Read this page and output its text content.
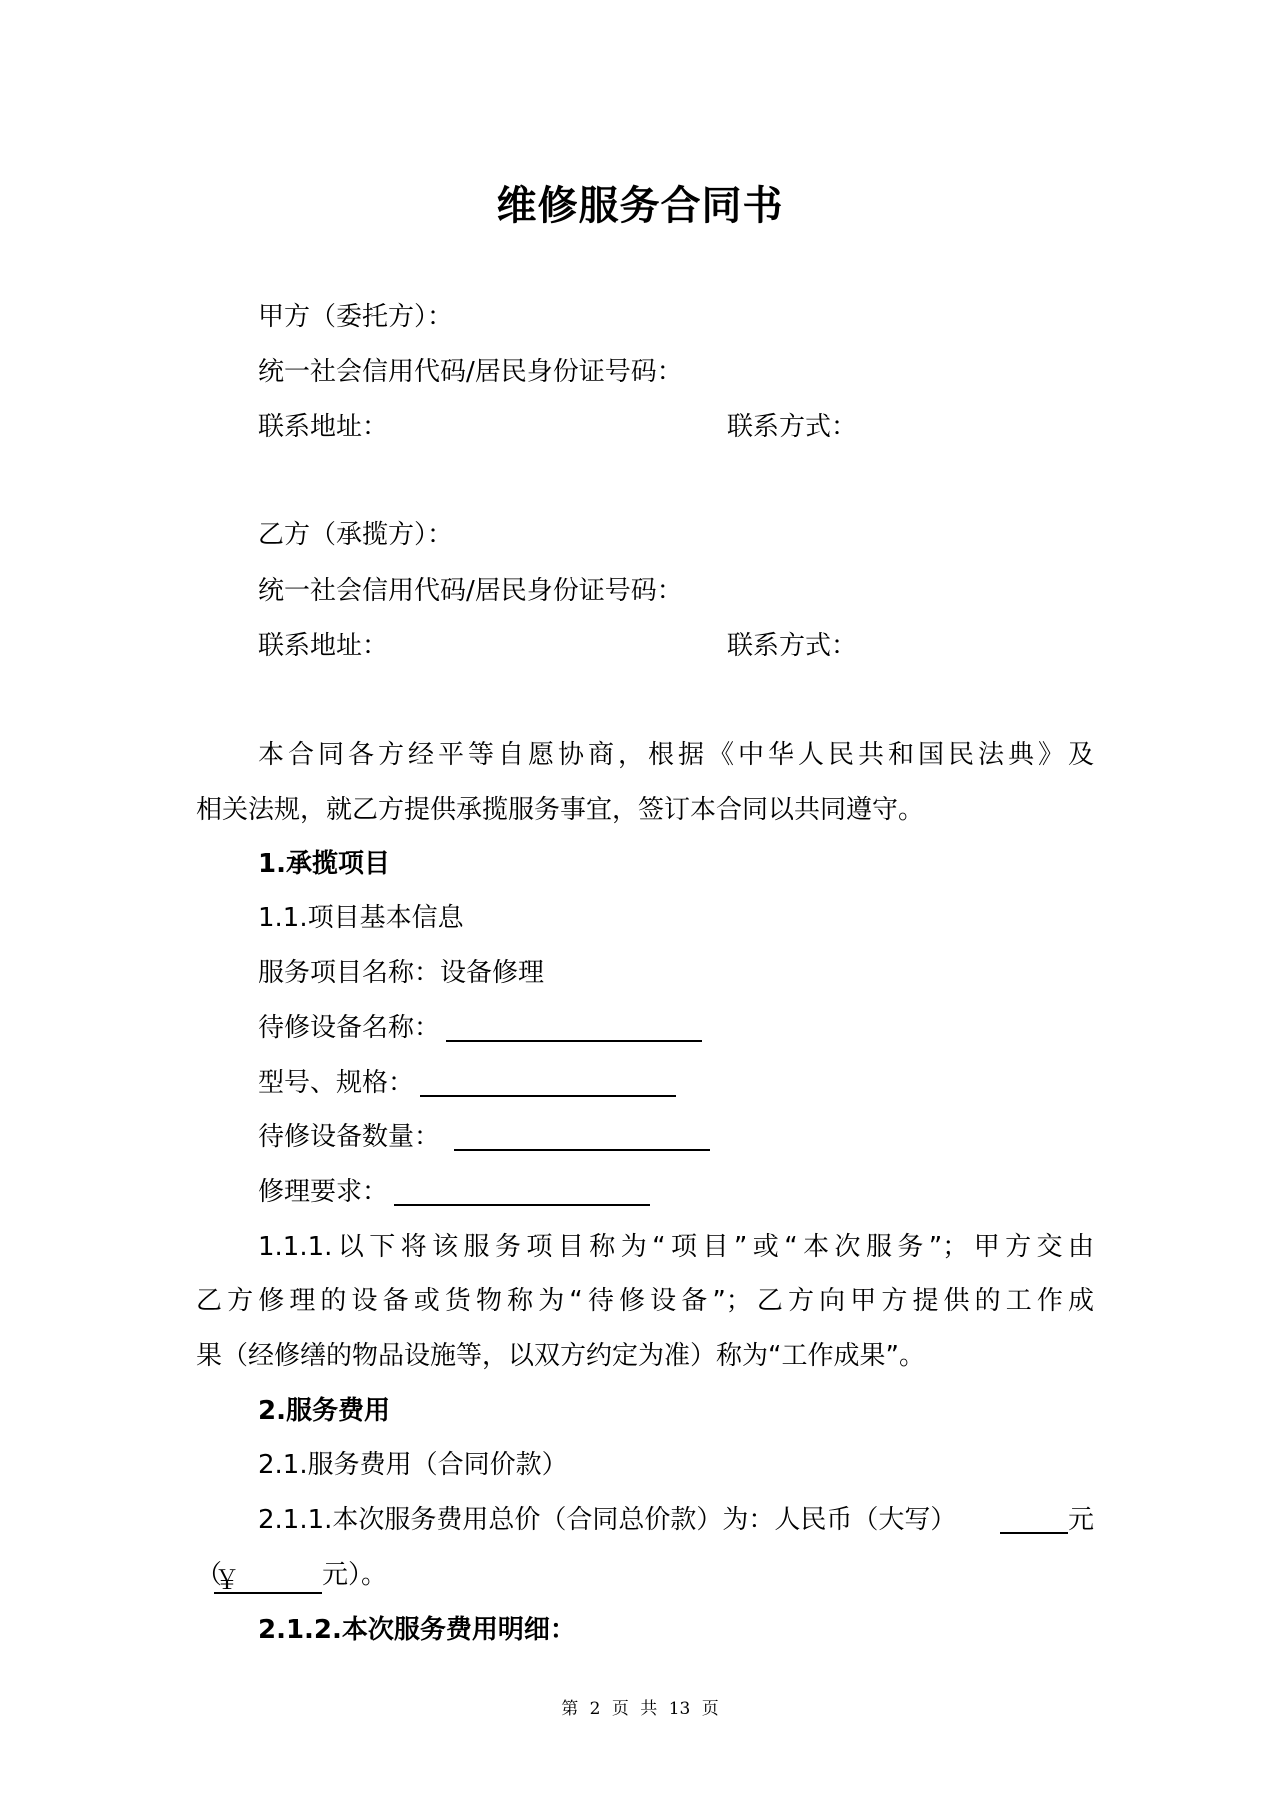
维修服务合同书
甲方（委托方）：
统一社会信用代码/居民身份证号码：
联系地址：	联系方式：
乙方（承揽方）：
统一社会信用代码/居民身份证号码：
联系地址：	联系方式：
本合同各方经平等自愿协商，根据《中华人民共和国民法典》及
相关法规，就乙方提供承揽服务事宜，签订本合同以共同遵守。
1.承揽项目
1.1.项目基本信息
服务项目名称：设备修理
待修设备名称：
型号、规格：
待修设备数量：
修理要求：
1.1.1.以下将该服务项目称为“项目”或“本次服务”；甲方交由
乙方修理的设备或货物称为“待修设备”；乙方向甲方提供的工作成
果（经修缮的物品设施等，以双方约定为准）称为“工作成果”。
2.服务费用
2.1.服务费用（合同价款）
2.1.1.本次服务费用总价（合同总价款）为：人民币（大写）	元
（￥	元）。
2.1.2.本次服务费用明细：
第 2 页 共 13 页
